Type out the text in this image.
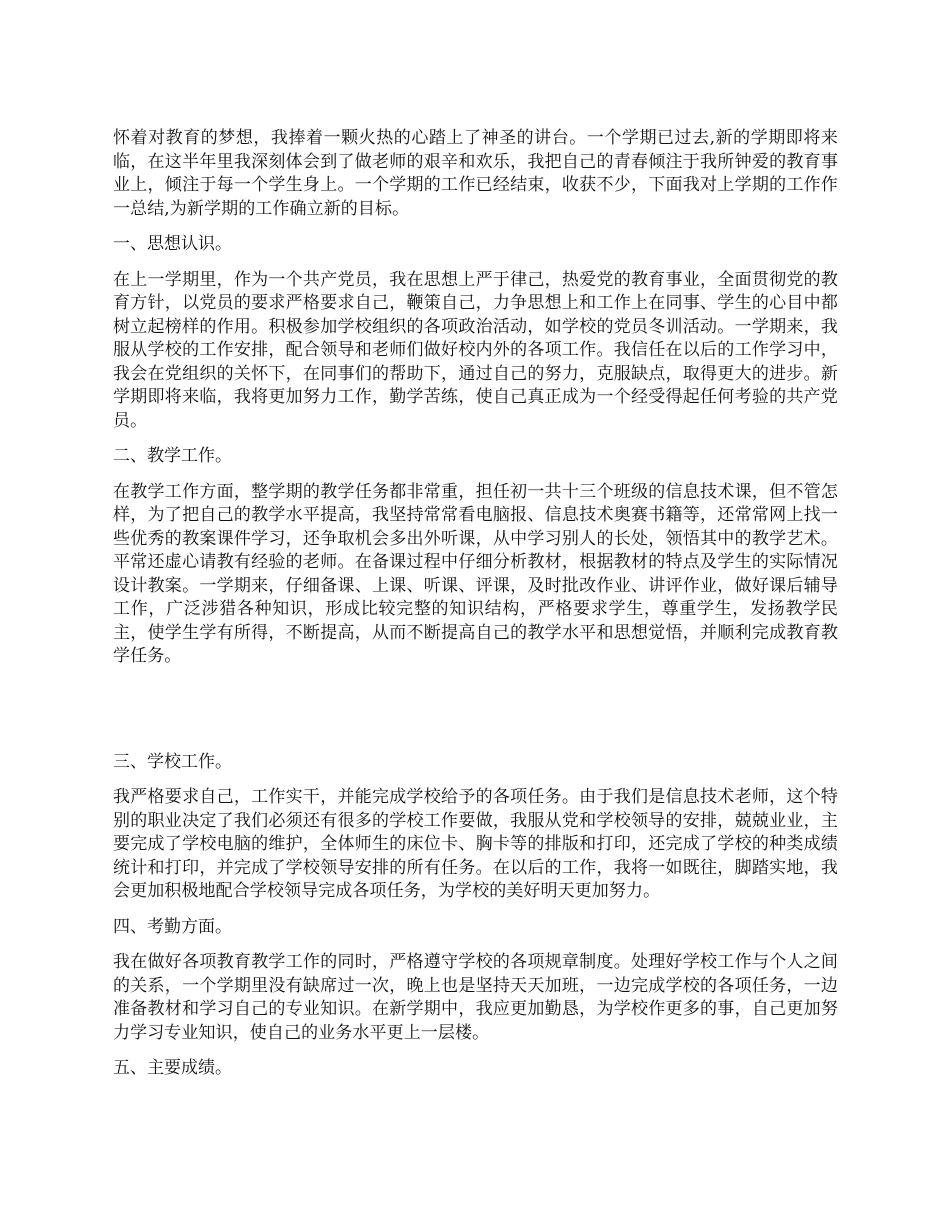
怀着对教育的梦想，我捧着一颗火热的心踏上了神圣的讲台。一个学期已过去,新的学期即将来临，在这半年里我深刻体会到了做老师的艰辛和欢乐，我把自己的青春倾注于我所钟爱的教育事业上，倾注于每一个学生身上。一个学期的工作已经结束，收获不少，下面我对上学期的工作作一总结,为新学期的工作确立新的目标。

一、思想认识。

在上一学期里，作为一个共产党员，我在思想上严于律己，热爱党的教育事业，全面贯彻党的教育方针，以党员的要求严格要求自己，鞭策自己，力争思想上和工作上在同事、学生的心目中都树立起榜样的作用。积极参加学校组织的各项政治活动，如学校的党员冬训活动。一学期来，我服从学校的工作安排，配合领导和老师们做好校内外的各项工作。我信任在以后的工作学习中，我会在党组织的关怀下，在同事们的帮助下，通过自己的努力，克服缺点，取得更大的进步。新学期即将来临，我将更加努力工作，勤学苦练，使自己真正成为一个经受得起任何考验的共产党员。

二、教学工作。

在教学工作方面，整学期的教学任务都非常重，担任初一共十三个班级的信息技术课，但不管怎样，为了把自己的教学水平提高，我坚持常常看电脑报、信息技术奥赛书籍等，还常常网上找一些优秀的教案课件学习，还争取机会多出外听课，从中学习别人的长处，领悟其中的教学艺术。平常还虚心请教有经验的老师。在备课过程中仔细分析教材，根据教材的特点及学生的实际情况设计教案。一学期来，仔细备课、上课、听课、评课，及时批改作业、讲评作业，做好课后辅导工作，广泛涉猎各种知识，形成比较完整的知识结构，严格要求学生，尊重学生，发扬教学民主，使学生学有所得，不断提高，从而不断提高自己的教学水平和思想觉悟，并顺利完成教育教学任务。

三、学校工作。

我严格要求自己，工作实干，并能完成学校给予的各项任务。由于我们是信息技术老师，这个特别的职业决定了我们必须还有很多的学校工作要做，我服从党和学校领导的安排，兢兢业业，主要完成了学校电脑的维护，全体师生的床位卡、胸卡等的排版和打印，还完成了学校的种类成绩统计和打印，并完成了学校领导安排的所有任务。在以后的工作，我将一如既往，脚踏实地，我会更加积极地配合学校领导完成各项任务，为学校的美好明天更加努力。

四、考勤方面。

我在做好各项教育教学工作的同时，严格遵守学校的各项规章制度。处理好学校工作与个人之间的关系，一个学期里没有缺席过一次，晚上也是坚持天天加班，一边完成学校的各项任务，一边准备教材和学习自己的专业知识。在新学期中，我应更加勤恳，为学校作更多的事，自己更加努力学习专业知识，使自己的业务水平更上一层楼。

五、主要成绩。
